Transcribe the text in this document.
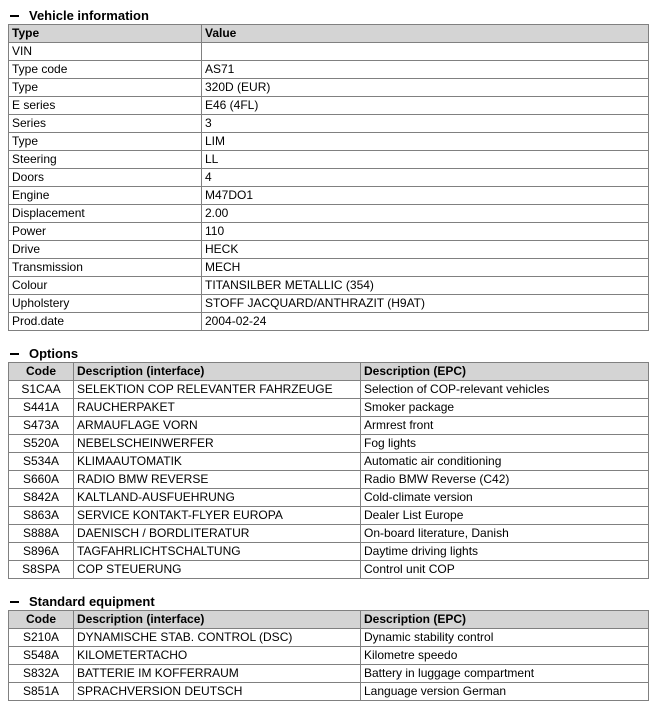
Vehicle information
Type	Value
VIN	
Type code	AS71
Type	320D (EUR)
E series	E46 (4FL)
Series	3
Type	LIM
Steering	LL
Doors	4
Engine	M47DO1
Displacement	2.00
Power	110
Drive	HECK
Transmission	MECH
Colour	TITANSILBER METALLIC (354)
Upholstery	STOFF JACQUARD/ANTHRAZIT (H9AT)
Prod.date	2004-02-24
Options
Code	Description (interface)	Description (EPC)
S1CAA	SELEKTION COP RELEVANTER FAHRZEUGE	Selection of COP-relevant vehicles
S441A	RAUCHERPAKET	Smoker package
S473A	ARMAUFLAGE VORN	Armrest front
S520A	NEBELSCHEINWERFER	Fog lights
S534A	KLIMAAUTOMATIK	Automatic air conditioning
S660A	RADIO BMW REVERSE	Radio BMW Reverse (C42)
S842A	KALTLAND-AUSFUEHRUNG	Cold-climate version
S863A	SERVICE KONTAKT-FLYER EUROPA	Dealer List Europe
S888A	DAENISCH / BORDLITERATUR	On-board literature, Danish
S896A	TAGFAHRLICHTSCHALTUNG	Daytime driving lights
S8SPA	COP STEUERUNG	Control unit COP
Standard equipment
Code	Description (interface)	Description (EPC)
S210A	DYNAMISCHE STAB. CONTROL (DSC)	Dynamic stability control
S548A	KILOMETERTACHO	Kilometre speedo
S832A	BATTERIE IM KOFFERRAUM	Battery in luggage compartment
S851A	SPRACHVERSION DEUTSCH	Language version German
